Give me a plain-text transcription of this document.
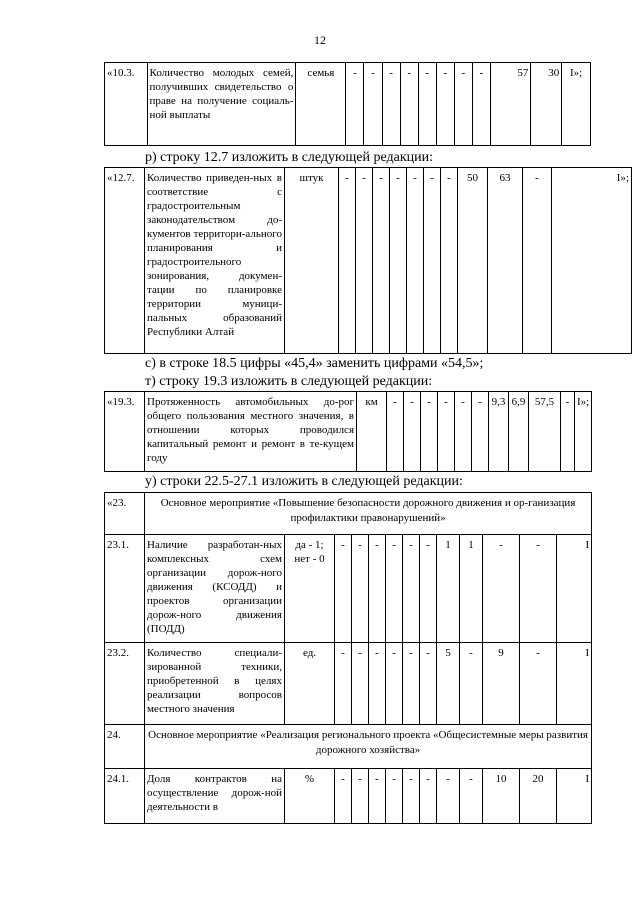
12
«10.3.	Количество молодых семей, получивших свидетельство о праве на получение социаль-ной выплаты	семья	-	-	-	-	-	-	-	-	57	30	I»;
р) строку 12.7 изложить в следующей редакции:
«12.7.	Количество приведен-ных в соответствие с градостроительным законодательством до-кументов территори-ального планирования и градостроительного зонирования, докумен-тации по планировке территории муници-пальных образований Республики Алтай	штук	-	-	-	-	-	-	-	50	63	-	I»;
с) в строке 18.5 цифры «45,4» заменить цифрами «54,5»;
т) строку 19.3 изложить в следующей редакции:
«19.3.	Протяженность автомобильных до-рог общего пользования местного значения, в отношении которых проводился капитальный ремонт и ремонт в те-кущем году	км	-	-	-	-	-	-	9,3	6,9	57,5	-	I»;
у) строки 22.5-27.1 изложить в следующей редакции:
«23.	Основное мероприятие «Повышение безопасности дорожного движения и ор-ганизация профилактики правонарушений»												
23.1.	Наличие разработан-ных комплексных схем организации дорож-ного движения (КСОДД) и проектов организации дорож-ного движения (ПОДД)	да - 1; нет - 0	-	-	-	-	-	-	1	1	-	-	I
23.2.	Количество специали-зированной техники, приобретенной в целях реализации вопросов местного значения	ед.	-	-	-	-	-	-	5	-	9	-	I
24.	Основное мероприятие «Реализация регионального проекта «Общесистемные меры развития дорожного хозяйства»												
24.1.	Доля контрактов на осуществление дорож-ной деятельности в	%	-	-	-	-	-	-	-	-	10	20	I
